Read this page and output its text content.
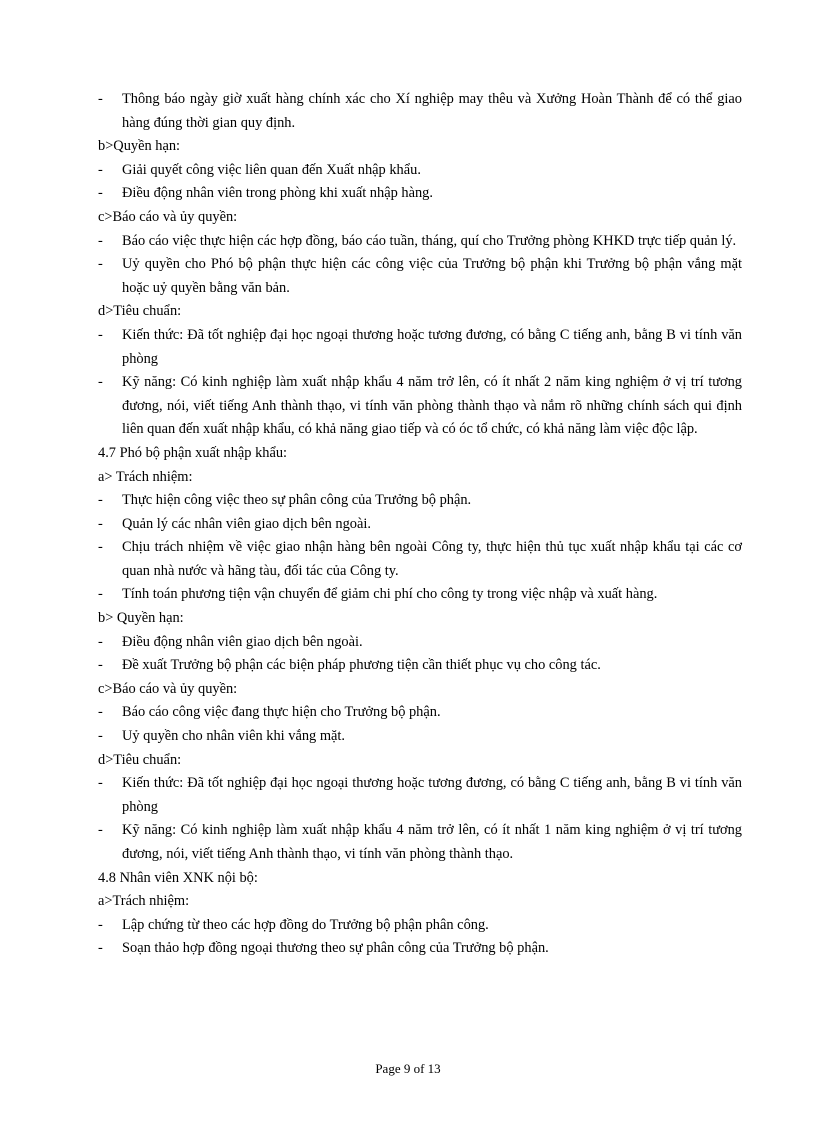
-	Thông báo ngày giờ xuất hàng chính xác cho Xí nghiệp may thêu và Xưởng Hoàn Thành để có thể giao hàng đúng thời gian quy định.
b>Quyền hạn:
-	Giải quyết công việc liên quan đến Xuất nhập khẩu.
-	Điều động nhân viên trong phòng khi xuất nhập hàng.
c>Báo cáo và ủy quyền:
-	Báo cáo việc thực hiện các hợp đồng, báo cáo tuần, tháng, quí cho Trưởng phòng KHKD trực tiếp quản lý.
-	Uỷ quyền cho Phó bộ phận thực hiện các công việc của Trưởng bộ phận khi Trưởng bộ phận vắng mặt hoặc uỷ quyền bằng văn bản.
d>Tiêu chuẩn:
-	Kiến thức: Đã tốt nghiệp đại học ngoại thương hoặc tương đương, có bằng C tiếng anh, bằng B vi tính văn phòng
-	Kỹ năng: Có kinh nghiệp làm xuất nhập khẩu 4 năm trở lên, có ít nhất 2 năm king nghiệm ở vị trí tương đương, nói, viết tiếng Anh thành thạo, vi tính văn phòng thành thạo và nắm rõ những chính sách qui định liên quan đến xuất nhập khẩu, có khả năng giao tiếp và có óc tổ chức, có khả năng làm việc độc lập.
4.7 Phó bộ phận xuất nhập khẩu:
a> Trách nhiệm:
-	Thực hiện công việc theo sự phân công của Trưởng bộ phận.
-	Quản lý các nhân viên giao dịch bên ngoài.
-	Chịu trách nhiệm về việc giao nhận hàng bên ngoài Công ty, thực hiện thủ tục xuất nhập khẩu tại các cơ quan nhà nước và hãng tàu, đối tác của Công ty.
-	Tính toán phương tiện vận chuyển để giảm chi phí cho công ty trong việc nhập và xuất hàng.
b> Quyền hạn:
-	Điều động nhân viên giao dịch bên ngoài.
-	Đề xuất Trưởng bộ phận các biện pháp phương tiện cần thiết phục vụ cho công tác.
c>Báo cáo và ủy quyền:
-	Báo cáo công việc đang thực hiện cho Trưởng bộ phận.
-	Uỷ quyền cho nhân viên khi vắng mặt.
d>Tiêu chuẩn:
-	Kiến thức: Đã tốt nghiệp đại học ngoại thương hoặc tương đương, có bằng C tiếng anh, bằng B vi tính văn phòng
-	Kỹ năng: Có kinh nghiệp làm xuất nhập khẩu 4 năm trở lên, có ít nhất 1 năm king nghiệm ở vị trí tương đương, nói, viết tiếng Anh thành thạo, vi tính văn phòng thành thạo.
4.8 Nhân viên XNK nội bộ:
a>Trách nhiệm:
-	Lập chứng từ theo các hợp đồng do Trưởng bộ phận phân công.
-	Soạn thảo hợp đồng ngoại thương theo sự phân công của Trưởng bộ phận.
Page 9 of 13
